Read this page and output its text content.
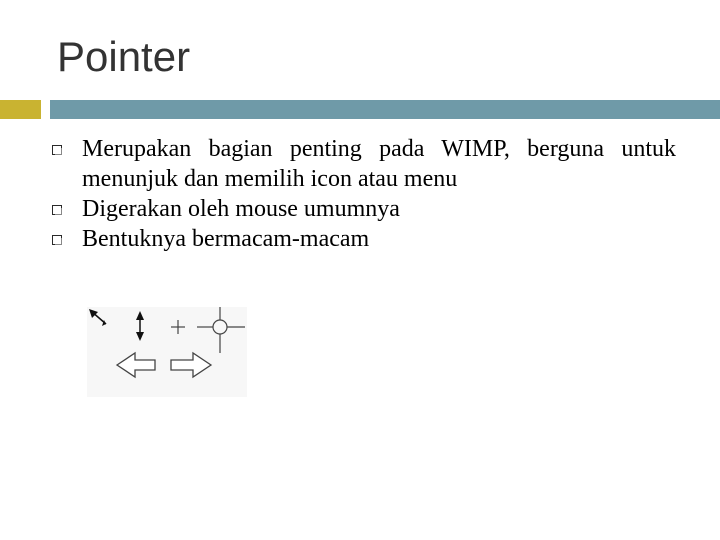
Pointer
Merupakan bagian penting pada WIMP, berguna untuk menunjuk dan memilih icon atau menu
Digerakan oleh mouse umumnya
Bentuknya bermacam-macam
